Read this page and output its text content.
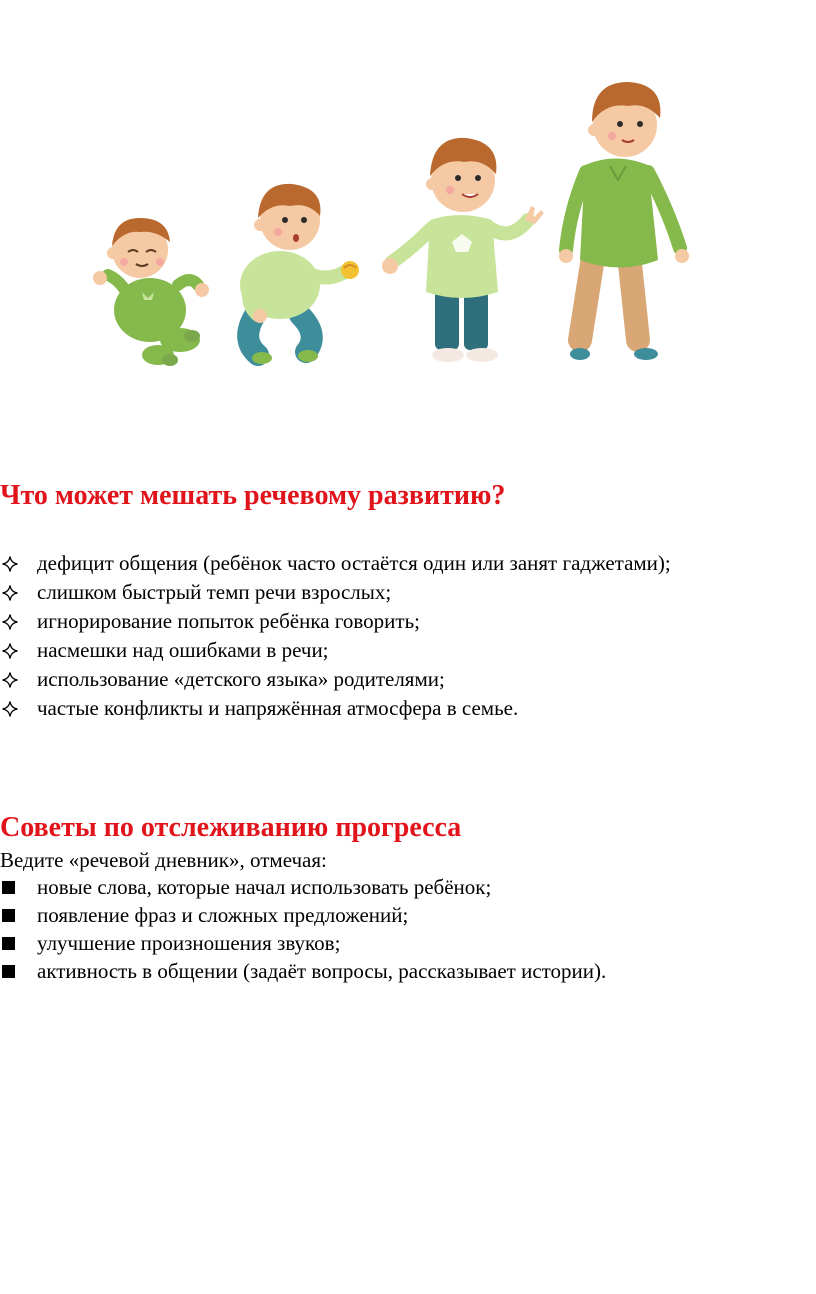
Что может мешать речевому развитию?
дефицит общения (ребёнок часто остаётся один или занят гаджетами);
слишком быстрый темп речи взрослых;
игнорирование попыток ребёнка говорить;
насмешки над ошибками в речи;
использование «детского языка» родителями;
частые конфликты и напряжённая атмосфера в семье.
Советы по отслеживанию прогресса
Ведите «речевой дневник», отмечая:
новые слова, которые начал использовать ребёнок;
появление фраз и сложных предложений;
улучшение произношения звуков;
активность в общении (задаёт вопросы, рассказывает истории).
